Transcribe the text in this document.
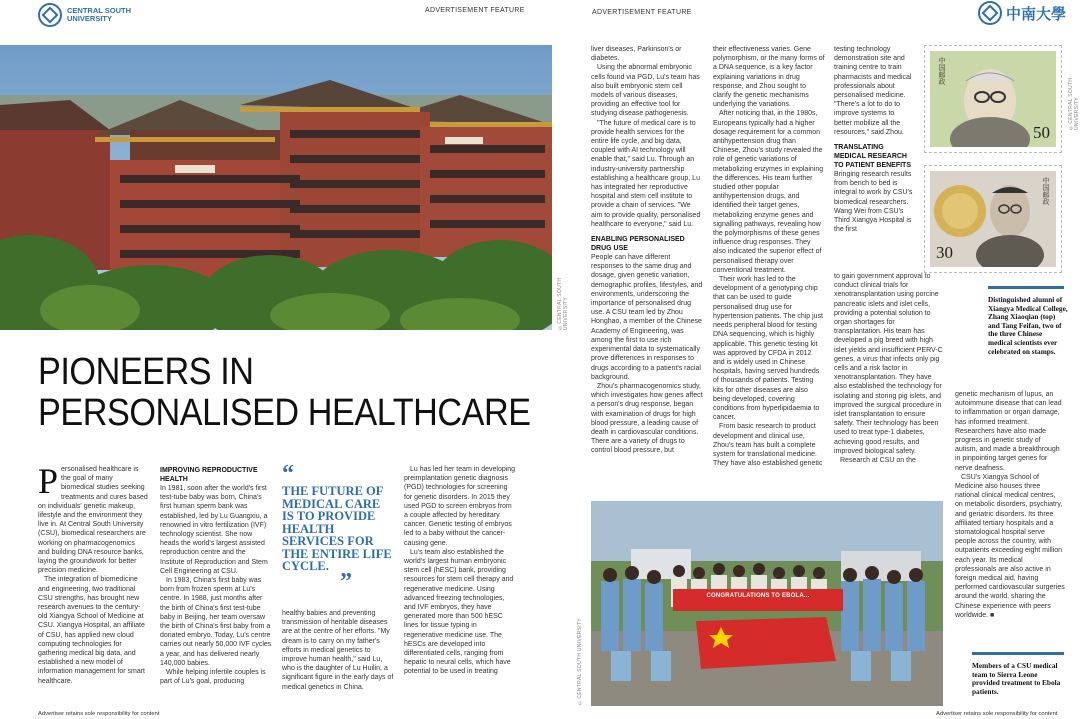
CENTRAL SOUTH
UNIVERSITY
ADVERTISEMENT FEATURE	ADVERTISEMENT FEATURE	中南大學
©CENTRAL SOUTH UNIVERSITY
PIONEERS IN
PERSONALISED HEALTHCARE
P ersonalised healthcare is the goal of many biomedical studies seeking treatments and cures based on individuals' genetic makeup, lifestyle and the environment they live in. At Central South University (CSU), biomedical researchers are working on pharmacogenomics and building DNA resource banks, laying the groundwork for better precision medicine.

The integration of biomedicine and engineering, two traditional CSU strengths, has brought new research avenues to the century-old Xiangya School of Medicine at CSU. Xiangya Hospital, an affiliate of CSU, has applied new cloud computing technologies for gathering medical big data, and established a new model of information management for smart healthcare.

IMPROVING REPRODUCTIVE HEALTH

In 1981, soon after the world's first test-tube baby was born, China's first human sperm bank was established, led by Lu Guangxiu, a renowned in vitro fertilization (IVF) technology scientist. She now heads the world's largest assisted reproduction centre and the Institute of Reproduction and Stem Cell Engineering at CSU.

In 1983, China's first baby was born from frozen sperm at Lu's centre. In 1988, just months after the birth of China's first test-tube baby in Beijing, her team oversaw the birth of China's first baby from a donated embryo. Today, Lu's centre carries out nearly 50,000 IVF cycles a year, and has delivered nearly 140,000 babies.

While helping infertile couples is part of Lu's goal, producing

“
THE FUTURE OF MEDICAL CARE IS TO PROVIDE HEALTH SERVICES FOR THE ENTIRE LIFE CYCLE.
”

healthy babies and preventing transmission of heritable diseases are at the centre of her efforts. "My dream is to carry on my father's efforts in medical genetics to improve human health," said Lu, who is the daughter of Lu Huilin, a significant figure in the early days of medical genetics in China.

Lu has led her team in developing preimplantation genetic diagnosis (PGD) technologies for screening for genetic disorders. In 2015 they used PGD to screen embryos from a couple affected by hereditary cancer. Genetic testing of embryos led to a baby without the cancer-causing gene.

Lu's team also established the world's largest human embryonic stem cell (hESC) bank, providing resources for stem cell therapy and regenerative medicine. Using advanced freezing technologies, and IVF embryos, they have generated more than 500 hESC lines for tissue typing in regenerative medicine use. The hESCs are developed into differentiated cells, ranging from hepatic to neural cells, which have potential to be used in treating

liver diseases, Parkinson's or diabetes.

Using the abnormal embryonic cells found via PGD, Lu's team has also built embryonic stem cell models of various diseases, providing an effective tool for studying disease pathogenesis.

"The future of medical care is to provide health services for the entire life cycle, and big data, coupled with AI technology will enable that," said Lu. Through an industry-university partnership establishing a healthcare group, Lu has integrated her reproductive hospital and stem cell institute to provide a chain of services. "We aim to provide quality, personalised healthcare to everyone," said Lu.

ENABLING PERSONALISED DRUG USE

People can have different responses to the same drug and dosage, given genetic variation, demographic profiles, lifestyles, and environments, underscoring the importance of personalised drug use. A CSU team led by Zhou Honghao, a member of the Chinese Academy of Engineering, was among the first to use rich experimental data to systematically prove differences in responses to drugs according to a patient's racial background.

Zhou's pharmacogenomics study, which investigates how genes affect a person's drug response, began with examination of drugs for high blood pressure, a leading cause of death in cardiovascular conditions. There are a variety of drugs to control blood pressure, but

their effectiveness varies. Gene polymorphism, or the many forms of a DNA sequence, is a key factor explaining variations in drug response, and Zhou sought to clarify the genetic mechanisms underlying the variations.

After noticing that, in the 1980s, Europeans typically had a higher dosage requirement for a common antihypertension drug than Chinese, Zhou's study revealed the role of genetic variations of metabolizing enzymes in explaining the differences. His team further studied other popular antihypertension drugs, and identified their target genes, metabolizing enzyme genes and signalling pathways, revealing how the polymorphisms of these genes influence drug responses. They also indicated the superior effect of personalised therapy over conventional treatment.

Their work has led to the development of a genotyping chip that can be used to guide personalised drug use for hypertension patients. The chip just needs peripheral blood for testing DNA sequencing, which is highly applicable. This genetic testing kit was approved by CFDA in 2012 and is widely used in Chinese hospitals, having served hundreds of thousands of patients. Testing kits for other diseases are also being developed, covering conditions from hyperlipidaemia to cancer.

From basic research to product development and clinical use, Zhou's team has built a complete system for translational medicine. They have also established genetic

testing technology demonstration site and training centre to train pharmacists and medical professionals about personalised medicine. "There's a lot to do to improve systems to better mobilize all the resources," said Zhou.

TRANSLATING MEDICAL RESEARCH TO PATIENT BENEFITS

Bringing research results from bench to bed is integral to work by CSU's biomedical researchers. Wang Wei from CSU's Third Xiangya Hospital is the first

to gain government approval to conduct clinical trials for xenotransplantation using porcine pancreatic islets and islet cells, providing a potential solution to organ shortages for transplantation. His team has developed a pig breed with high islet yields and insufficient PERV-C genes, a virus that infects only pig cells and a risk factor in xenotransplantation. They have also established the technology for isolating and storing pig islets, and improved the surgical procedure in islet transplantation to ensure safety. Their technology has been used to treat type-1 diabetes, achieving good results, and improved biological safety.

Research at CSU on the

中国邮政
50
中国邮政
30
©CENTRAL SOUTH UNIVERSITY
Distinguished alumni of Xiangya Medical College, Zhang Xiaoqian (top) and Tang Feifan, two of the three Chinese medical scientists ever celebrated on stamps.

genetic mechanism of lupus, an autoimmune disease that can lead to inflammation or organ damage, has informed treatment. Researchers have also made progress in genetic study of autism, and made a breakthrough in pinpointing target genes for nerve deafness.

CSU's Xiangya School of Medicine also houses three national clinical medical centres, on metabolic disorders, psychiatry, and geriatric disorders. Its three affiliated tertiary hospitals and a stomatological hospital serve people across the country, with outpatients exceeding eight million each year. Its medical professionals are also active in foreign medical aid, having performed cardiovascular surgeries around the world, sharing the Chinese experience with peers worldwide. ■

CONGRATULATIONS TO EBOLA...
©CENTRAL SOUTH UNIVERSITY	Members of a CSU medical team to Sierra Leone provided treatment to Ebola patients.
Advertiser retains sole responsibility for content	Advertiser retains sole responsibility for content
